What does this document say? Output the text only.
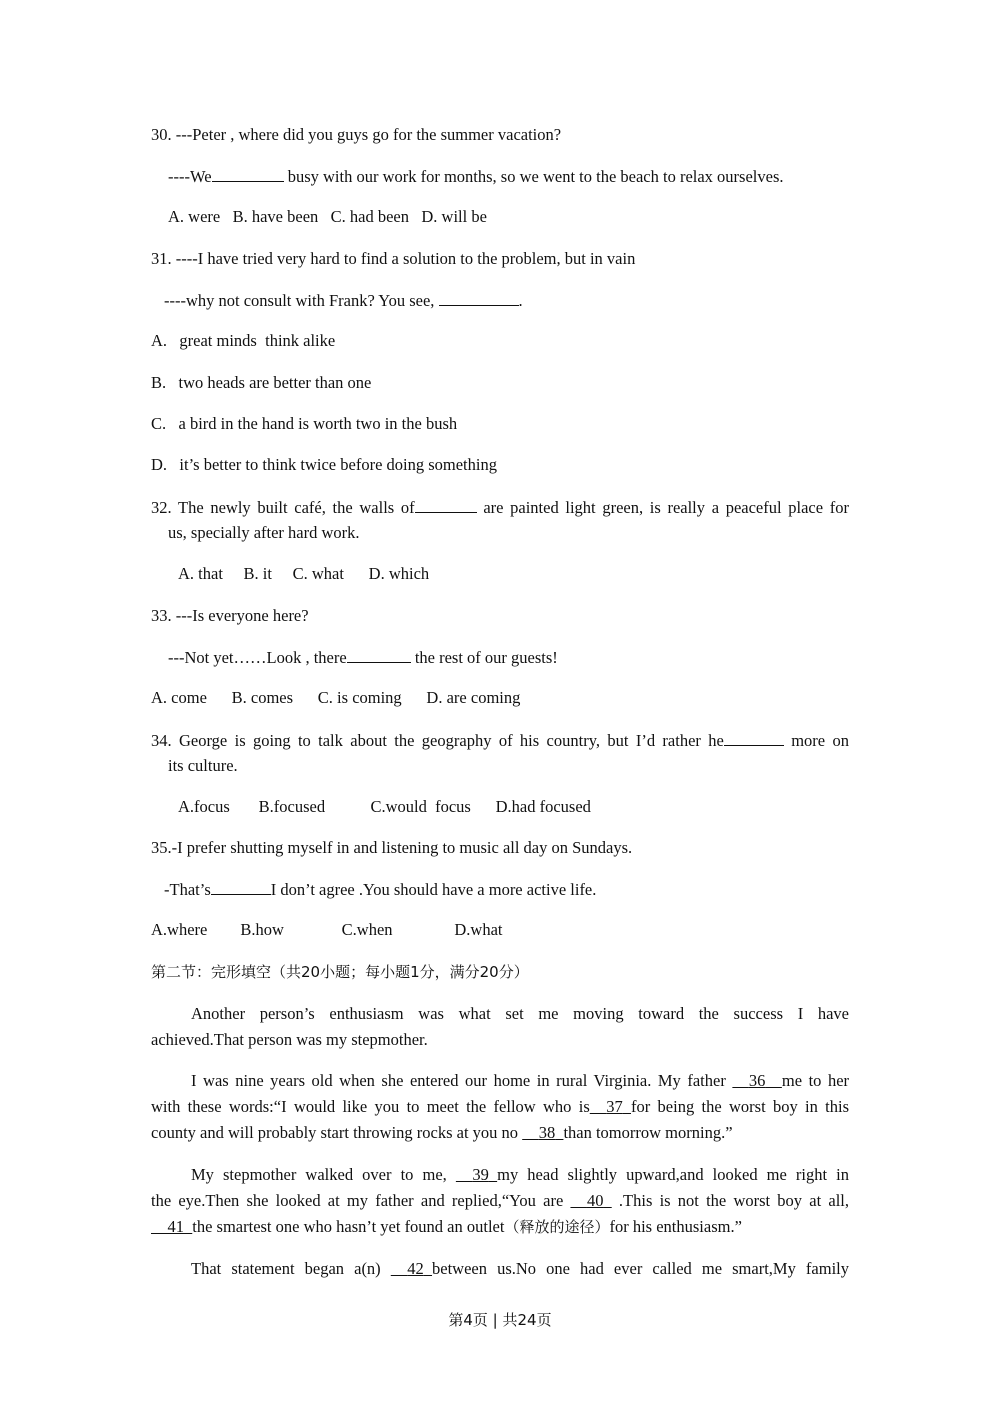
30. ---Peter , where did you guys go for the summer vacation?
----We	busy with our work for months, so we went to the beach to relax ourselves.
A. were   B. have been   C. had been   D. will be
31. ----I have tried very hard to find a solution to the problem, but in vain
----why not consult with Frank? You see,	.
A.   great minds  think alike
B.   two heads are better than one
C.   a bird in the hand is worth two in the bush
D.   it’s better to think twice before doing something
32. The newly built café, the walls of	are painted light green, is really a peaceful place for
us, specially after hard work.
A. that     B. it     C. what      D. which
33. ---Is everyone here?
---Not yet……Look , there	the rest of our guests!
A. come      B. comes      C. is coming      D. are coming
34. George is going to talk about the geography of his country, but I’d rather he	more on
its culture.
A.focus       B.focused           C.would  focus      D.had focused
35.-I prefer shutting myself in and listening to music all day on Sundays.
-That’s	I don’t agree .You should have a more active life.
A.where        B.how              C.when               D.what
第二节：完形填空（共20小题；每小题1分，满分20分）
Another person’s enthusiasm was what set me moving toward the success I have
achieved.That person was my stepmother.
I was nine years old when she entered our home in rural Virginia. My father    36   me to her
with these words:“I would like you to meet the fellow who is   37  for being the worst boy in this
county and will probably start throwing rocks at you no   38  than tomorrow morning.”
My stepmother walked over to me,   39  my head slightly upward,and looked me right in
the eye.Then she looked at my father and replied,“You are   40  .This is not the worst boy at all,
  41  the smartest one who hasn’t yet found an outlet（释放的途径）for his enthusiasm.”
That statement began a(n)   42  between us.No one had ever called me smart,My family
第4页 | 共24页
